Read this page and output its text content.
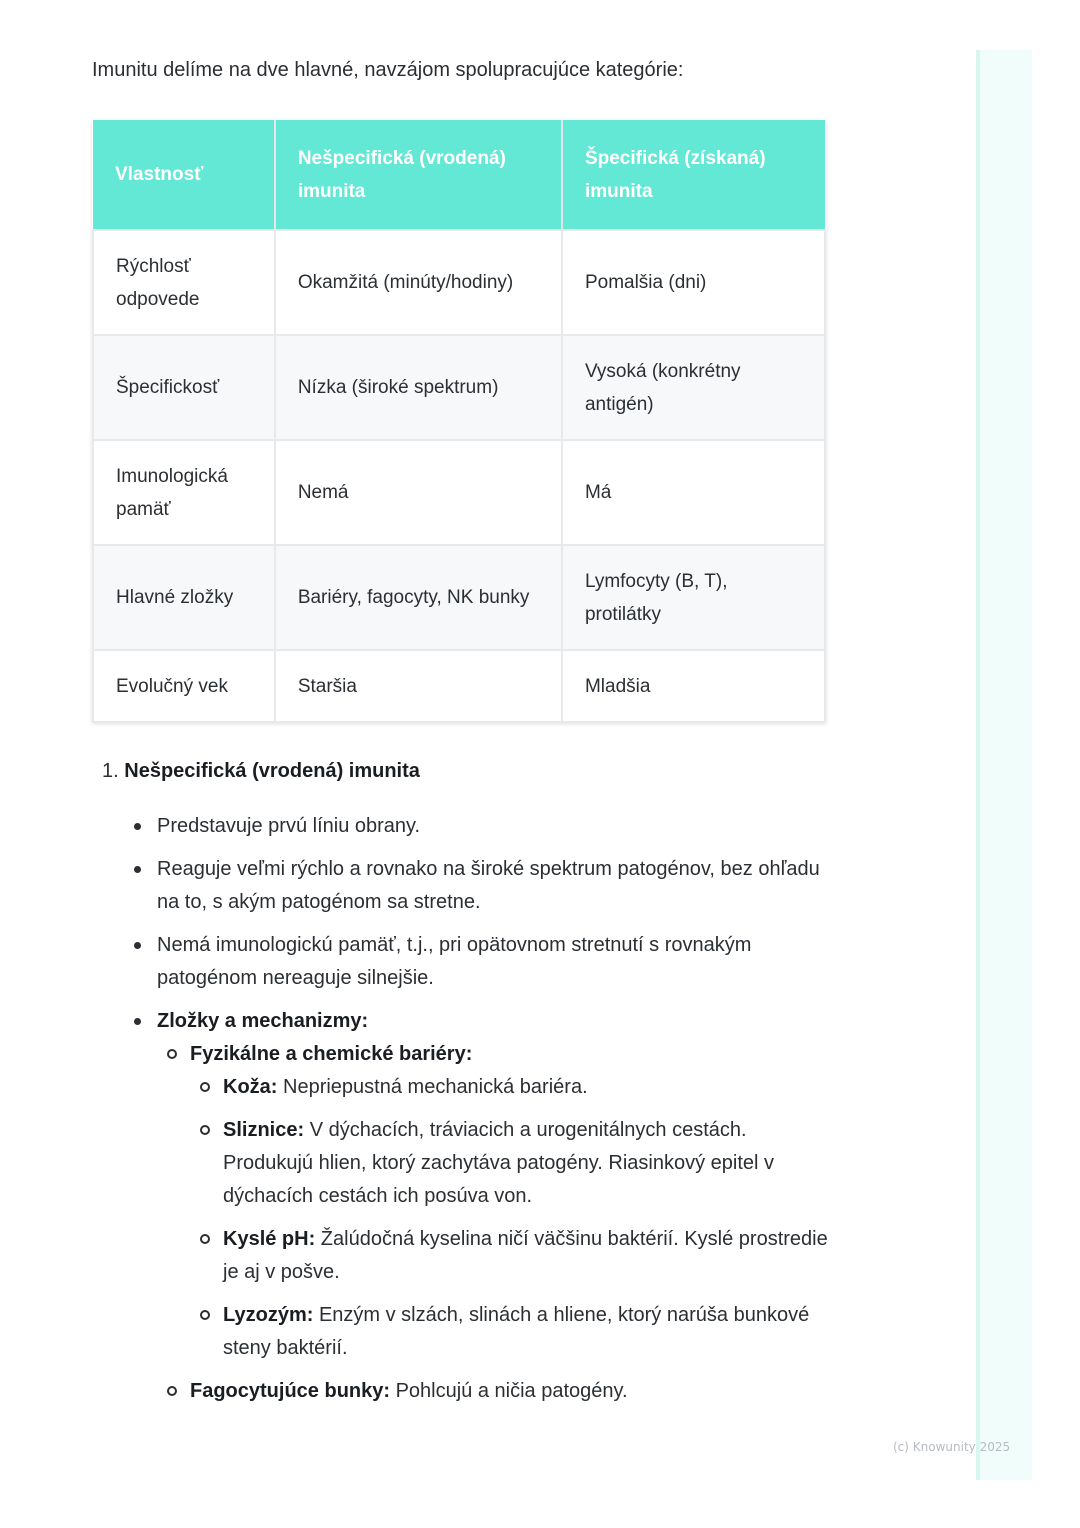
Imunitu delíme na dve hlavné, navzájom spolupracujúce kategórie:

Vlastnosť	Nešpecifická (vrodená) imunita	Špecifická (získaná) imunita
Rýchlosť odpovede	Okamžitá (minúty/hodiny)	Pomalšia (dni)
Špecifickosť	Nízka (široké spektrum)	Vysoká (konkrétny antigén)
Imunologická pamäť	Nemá	Má
Hlavné zložky	Bariéry, fagocyty, NK bunky	Lymfocyty (B, T), protilátky
Evolučný vek	Staršia	Mladšia

1. Nešpecifická (vrodená) imunita

Predstavuje prvú líniu obrany.
Reaguje veľmi rýchlo a rovnako na široké spektrum patogénov, bez ohľadu na to, s akým patogénom sa stretne.
Nemá imunologickú pamäť, t.j., pri opätovnom stretnutí s rovnakým patogénom nereaguje silnejšie.
Zložky a mechanizmy:
Fyzikálne a chemické bariéry:
Koža: Nepriepustná mechanická bariéra.
Sliznice: V dýchacích, tráviacich a urogenitálnych cestách. Produkujú hlien, ktorý zachytáva patogény. Riasinkový epitel v dýchacích cestách ich posúva von.
Kyslé pH: Žalúdočná kyselina ničí väčšinu baktérií. Kyslé prostredie je aj v pošve.
Lyzozým: Enzým v slzách, slinách a hliene, ktorý narúša bunkové steny baktérií.
Fagocytujúce bunky: Pohlcujú a ničia patogény.
(c) Knowunity 2025
